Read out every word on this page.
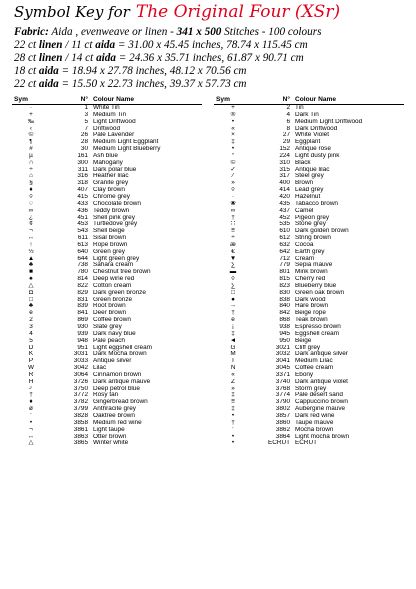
Symbol Key for The Original Four (XSr)
Fabric: Aida , evenweave or linen - 341 x 500 Stitches - 100 colours
22 ct linen / 11 ct aida = 31.00 x 45.45 inches, 78.74 x 115.45 cm
28 ct linen / 14 ct aida = 24.36 x 35.71 inches, 61.87 x 90.71 cm
18 ct aida = 18.94 x 27.78 inches, 48.12 x 70.56 cm
22 ct aida = 15.50 x 22.73 inches, 39.37 x 57.73 cm
Sym	N° Colour Name
·	1 White Tin
+	3 Medium Tin
‰	5 Light Driftwood
‹	7 Driftwood
©	26 Pale Lavender
¶	28 Medium Light Eggplant
#	30 Medium Light Blueberry
µ	161 Ash blue
∩	300 Mahogany
÷	311 Dark polar blue
⌂	316 Heather lilac
§	318 Granite grey
♦	407 Clay brown
◊	415 Chrome grey
♢	433 Chocolate brown
∞	436 Teddy brown
¿	451 Shell pink grey
¢	453 Turtledove grey
¬	543 Shell beige
↔	611 Sisal brown
↑	613 Rope brown
½	640 Green grey
▲	644 Light green grey
♣	738 Sahara cream
■	780 Chestnut tree brown
♠	814 Deep wine red
△	822 Cotton cream
◘	829 Dark green bronze
□	831 Green bronze
♣	839 Root brown
é	841 Deer brown
2	869 Coffee brown
3	930 Slate grey
4	939 Dark navy blue
5	948 Pale peach
D	951 Light eggshell cream
K	3031 Dark Mocha brown
P	3033 Antique silver
W	3042 Lilac
R	3064 Cinnamon brown
H	3726 Dark antique mauve
┘	3750 Deep petrol blue
†	3772 Rosy tan
♦	3782 Gingerbread brown
ø	3799 Anthracite grey
′	3828 Oaktree brown
•	3858 Medium red wine
¬	3861 Light taupe
↔	3863 Otter brown
△	3865 Winter white
Sym	N° Colour Name
+	2 Tin
®	4 Dark Tin
•	6 Medium Light Driftwood
«	8 Dark Driftwood
×	27 White Violet
‡	29 Eggplant
•	152 Antique rose
°	224 Light dusty pink
©	310 Black
✓	315 Antique lilac
⁄	317 Steel grey
»	400 Brown
◊	414 Lead grey
·	420 Hazelnut
❀	435 Tabacco brown
∞	437 Camel
†	452 Pigeon grey
∷	535 Stone grey
≡	610 Dark golden brown
÷	612 String brown
æ	632 Cocoa
€	642 Earth grey
▼	712 Cream
∑	779 Sepia mauve
▬	801 Mink brown
◊	815 Cherry red
∑	823 Blueberry blue
□	830 Green oak brown
●	838 Dark wood
→	840 Hare brown
†	842 Beige rope
è	868 Teak brown
¡	938 Espresso brown
‡	945 Eggshell cream
◄	950 Beige
G	3021 Cliff grey
M	3032 Dark antique silver
T	3041 Medium Lilac
N	3045 Coffee cream
«	3371 Ebony
Z	3740 Dark antique violet
»	3768 Storm grey
‡	3774 Pale desert sand
≡	3790 Cappuccino brown
‡	3802 Aubergine mauve
•	3857 Dark red wine
†	3860 Taupe mauve
′	3862 Mocha brown
•	3864 Light mocha brown
•	ECRUT ECRUT
